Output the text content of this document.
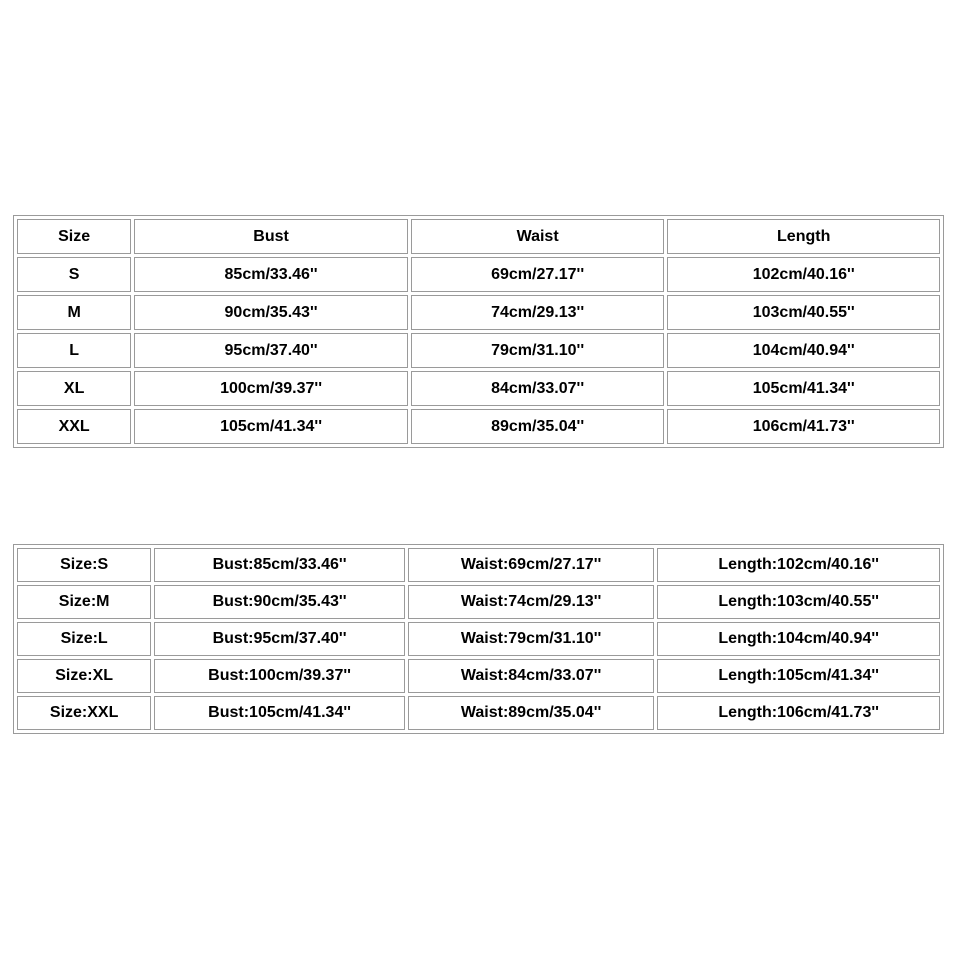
Size	Bust	Waist	Length
S	85cm/33.46''	69cm/27.17''	102cm/40.16''
M	90cm/35.43''	74cm/29.13''	103cm/40.55''
L	95cm/37.40''	79cm/31.10''	104cm/40.94''
XL	100cm/39.37''	84cm/33.07''	105cm/41.34''
XXL	105cm/41.34''	89cm/35.04''	106cm/41.73''
Size:S	Bust:85cm/33.46''	Waist:69cm/27.17''	Length:102cm/40.16''
Size:M	Bust:90cm/35.43''	Waist:74cm/29.13''	Length:103cm/40.55''
Size:L	Bust:95cm/37.40''	Waist:79cm/31.10''	Length:104cm/40.94''
Size:XL	Bust:100cm/39.37''	Waist:84cm/33.07''	Length:105cm/41.34''
Size:XXL	Bust:105cm/41.34''	Waist:89cm/35.04''	Length:106cm/41.73''
